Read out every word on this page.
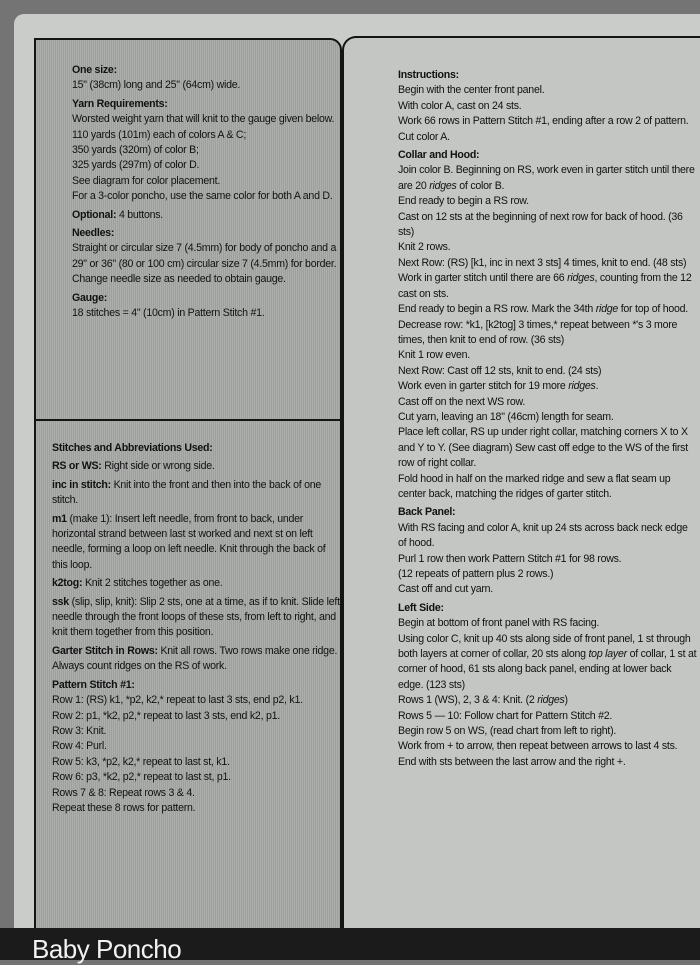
One size:

15" (38cm) long and 25" (64cm) wide.

Yarn Requirements:

Worsted weight yarn that will knit to the gauge given below.

110 yards (101m) each of colors A & C;

350 yards (320m) of color B;

325 yards (297m) of color D.

See diagram for color placement.

For a 3-color poncho, use the same color for both A and D.

Optional: 4 buttons.

Needles:

Straight or circular size 7 (4.5mm) for body of poncho and a 29" or 36" (80 or 100 cm) circular size 7 (4.5mm) for border.

Change needle size as needed to obtain gauge.

Gauge:

18 stitches = 4" (10cm) in Pattern Stitch #1.

Stitches and Abbreviations Used:

RS or WS: Right side or wrong side.

inc in stitch: Knit into the front and then into the back of one stitch.

m1 (make 1): Insert left needle, from front to back, under horizontal strand between last st worked and next st on left needle, forming a loop on left needle. Knit through the back of this loop.

k2tog: Knit 2 stitches together as one.

ssk (slip, slip, knit): Slip 2 sts, one at a time, as if to knit. Slide left needle through the front loops of these sts, from left to right, and knit them together from this position.

Garter Stitch in Rows: Knit all rows. Two rows make one ridge. Always count ridges on the RS of work.

Pattern Stitch #1:

Row 1: (RS) k1, *p2, k2,* repeat to last 3 sts, end p2, k1.

Row 2: p1, *k2, p2,* repeat to last 3 sts, end k2, p1.

Row 3: Knit.

Row 4: Purl.

Row 5: k3, *p2, k2,* repeat to last st, k1.

Row 6: p3, *k2, p2,* repeat to last st, p1.

Rows 7 & 8: Repeat rows 3 & 4.

Repeat these 8 rows for pattern.

Instructions:

Begin with the center front panel.

With color A, cast on 24 sts.

Work 66 rows in Pattern Stitch #1, ending after a row 2 of pattern.

Cut color A.

Collar and Hood:

Join color B. Beginning on RS, work even in garter stitch until there are 20 ridges of color B.

End ready to begin a RS row.

Cast on 12 sts at the beginning of next row for back of hood. (36 sts)

Knit 2 rows.

Next Row: (RS) [k1, inc in next 3 sts] 4 times, knit to end. (48 sts)

Work in garter stitch until there are 66 ridges, counting from the 12 cast on sts.

End ready to begin a RS row. Mark the 34th ridge for top of hood.

Decrease row: *k1, [k2tog] 3 times,* repeat between *'s 3 more times, then knit to end of row. (36 sts)

Knit 1 row even.

Next Row: Cast off 12 sts, knit to end. (24 sts)

Work even in garter stitch for 19 more ridges.

Cast off on the next WS row.

Cut yarn, leaving an 18" (46cm) length for seam.

Place left collar, RS up under right collar, matching corners X to X and Y to Y. (See diagram) Sew cast off edge to the WS of the first row of right collar.

Fold hood in half on the marked ridge and sew a flat seam up center back, matching the ridges of garter stitch.

Back Panel:

With RS facing and color A, knit up 24 sts across back neck edge of hood.

Purl 1 row then work Pattern Stitch #1 for 98 rows.

(12 repeats of pattern plus 2 rows.)

Cast off and cut yarn.

Left Side:

Begin at bottom of front panel with RS facing.

Using color C, knit up 40 sts along side of front panel, 1 st through both layers at corner of collar, 20 sts along top layer of collar, 1 st at corner of hood, 61 sts along back panel, ending at lower back edge. (123 sts)

Rows 1 (WS), 2, 3 & 4: Knit. (2 ridges)

Rows 5 — 10: Follow chart for Pattern Stitch #2.

Begin row 5 on WS, (read chart from left to right).

Work from + to arrow, then repeat between arrows to last 4 sts. End with sts between the last arrow and the right +.

Baby Poncho
